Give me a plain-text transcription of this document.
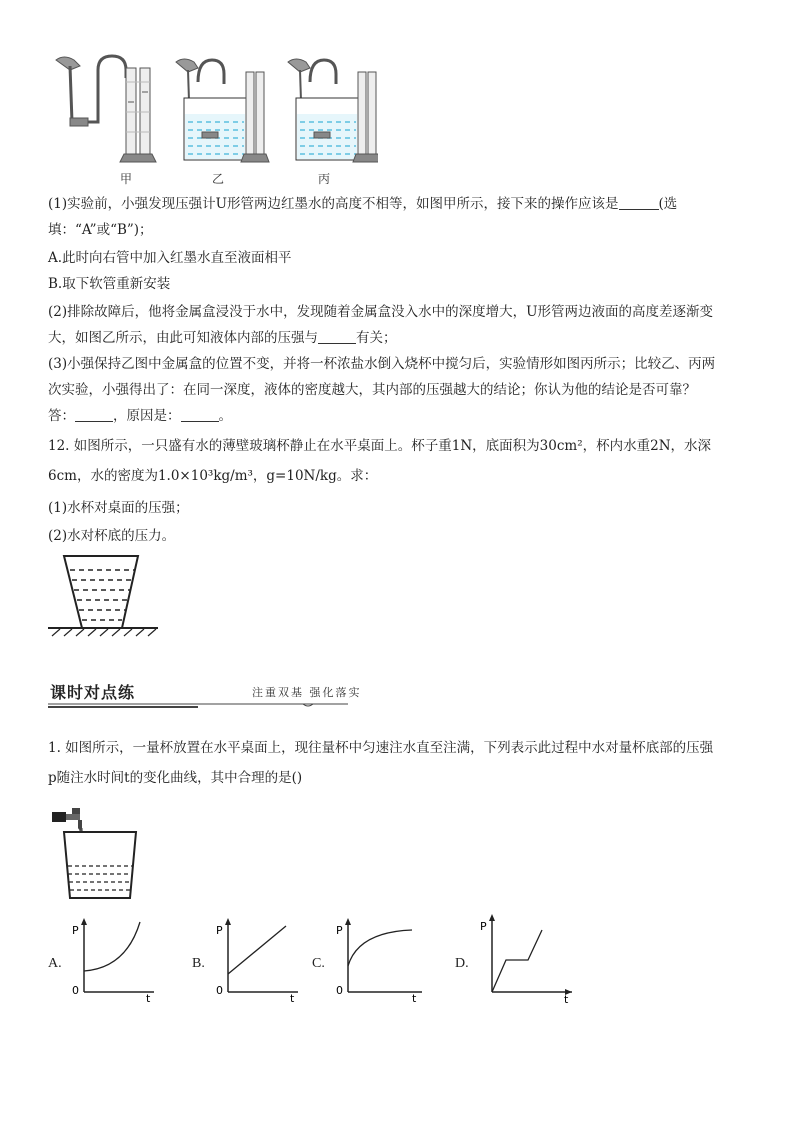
甲	乙	丙
(1)实验前，小强发现压强计U形管两边红墨水的高度不相等，如图甲所示，接下来的操作应该是	(选
填：“A”或“B”)；
A.此时向右管中加入红墨水直至液面相平
B.取下软管重新安装
(2)排除故障后，他将金属盒浸没于水中，发现随着金属盒没入水中的深度增大，U形管两边液面的高度差逐渐变
大，如图乙所示，由此可知液体内部的压强与	有关；
(3)小强保持乙图中金属盒的位置不变，并将一杯浓盐水倒入烧杯中搅匀后，实验情形如图丙所示；比较乙、丙两
次实验，小强得出了：在同一深度，液体的密度越大，其内部的压强越大的结论；你认为他的结论是否可靠？
答：	，原因是：	。
12. 如图所示，一只盛有水的薄壁玻璃杯静止在水平桌面上。杯子重1N，底面积为30cm²，杯内水重2N，水深
6cm，水的密度为1.0×10³kg/m³，g=10N/kg。求：
(1)水杯对桌面的压强；
(2)水对杯底的压力。
课时对点练	注重双基 强化落实
1. 如图所示，一量杯放置在水平桌面上，现往量杯中匀速注水直至注满，下列表示此过程中水对量杯底部的压强
p随注水时间t的变化曲线，其中合理的是()
A.	B.	C.	D.
P
0
t
P
0
t
P
0
t
P
t
